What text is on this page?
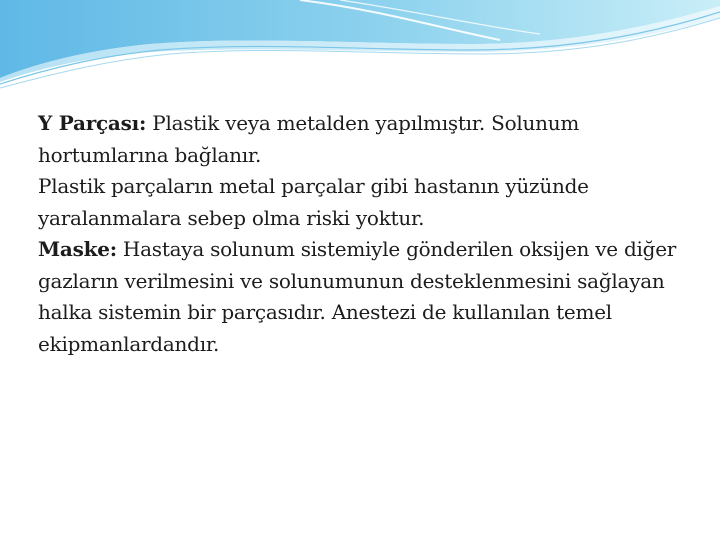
Y Parçası: Plastik veya metalden yapılmıştır. Solunum hortumlarına bağlanır.

Plastik parçaların metal parçalar gibi hastanın yüzünde yaralanmalara sebep olma riski yoktur.

Maske: Hastaya solunum sistemiyle gönderilen oksijen ve diğer gazların verilmesini ve solunumunun desteklenmesini sağlayan halka sistemin bir parçasıdır. Anestezi de kullanılan temel ekipmanlardandır.
